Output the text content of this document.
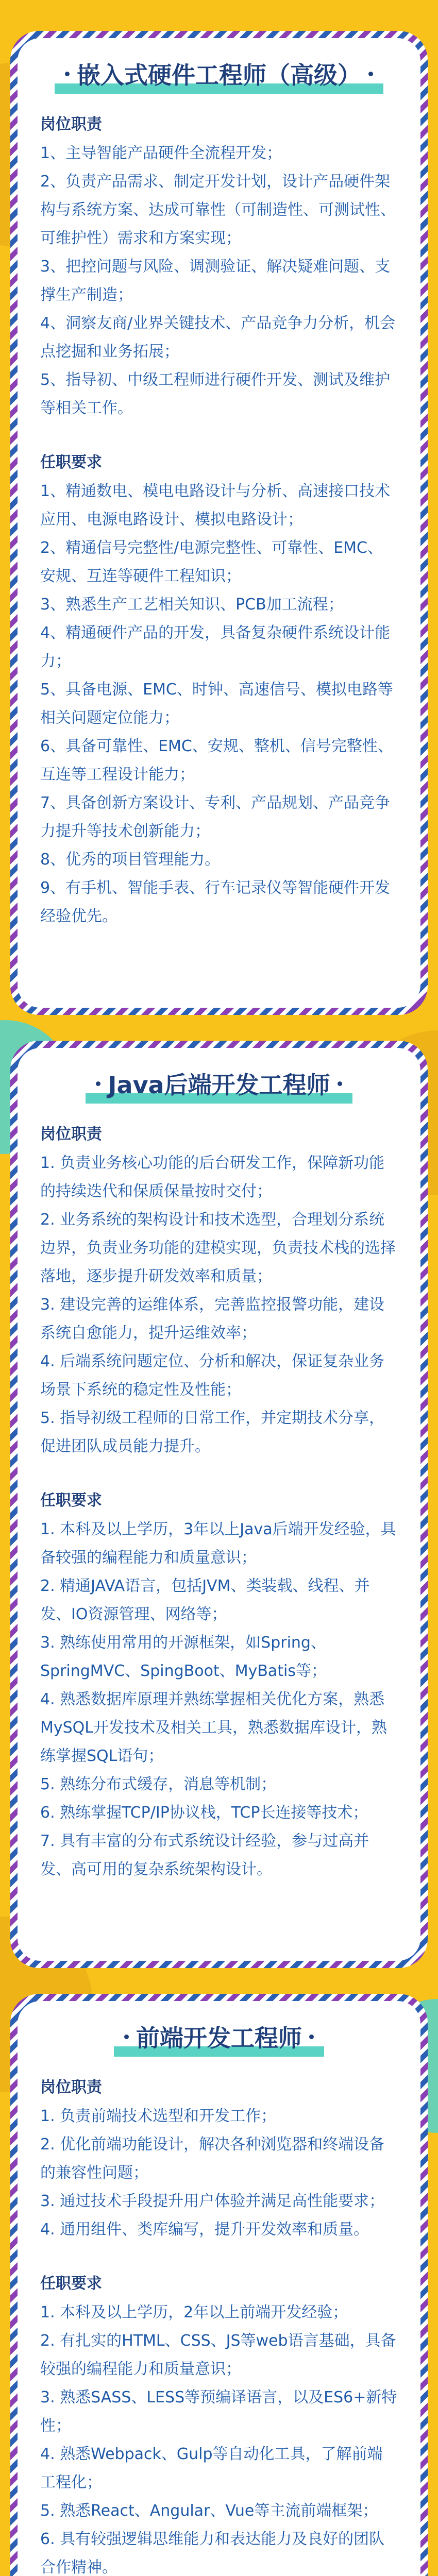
嵌入式硬件工程师（高级）
岗位职责

1、主导智能产品硬件全流程开发；

2、负责产品需求、制定开发计划，设计产品硬件架构与系统方案、达成可靠性（可制造性、可测试性、可维护性）需求和方案实现；

3、把控问题与风险、调测验证、解决疑难问题、支撑生产制造；

4、洞察友商/业界关键技术、产品竞争力分析，机会点挖掘和业务拓展；

5、指导初、中级工程师进行硬件开发、测试及维护等相关工作。

任职要求

1、精通数电、模电电路设计与分析、高速接口技术应用、电源电路设计、模拟电路设计；

2、精通信号完整性/电源完整性、可靠性、EMC、安规、互连等硬件工程知识；

3、熟悉生产工艺相关知识、PCB加工流程；

4、精通硬件产品的开发，具备复杂硬件系统设计能力；

5、具备电源、EMC、时钟、高速信号、模拟电路等相关问题定位能力；

6、具备可靠性、EMC、安规、整机、信号完整性、互连等工程设计能力；

7、具备创新方案设计、专利、产品规划、产品竞争力提升等技术创新能力；

8、优秀的项目管理能力。

9、有手机、智能手表、行车记录仪等智能硬件开发经验优先。

Java后端开发工程师
岗位职责

1. 负责业务核心功能的后台研发工作，保障新功能的持续迭代和保质保量按时交付；

2. 业务系统的架构设计和技术选型，合理划分系统边界，负责业务功能的建模实现，负责技术栈的选择落地，逐步提升研发效率和质量；

3. 建设完善的运维体系，完善监控报警功能，建设系统自愈能力，提升运维效率；

4. 后端系统问题定位、分析和解决，保证复杂业务场景下系统的稳定性及性能；

5. 指导初级工程师的日常工作，并定期技术分享，促进团队成员能力提升。

任职要求

1. 本科及以上学历，3年以上Java后端开发经验，具备较强的编程能力和质量意识；

2. 精通JAVA语言，包括JVM、类装载、线程、并发、IO资源管理、网络等；

3. 熟练使用常用的开源框架，如Spring、SpringMVC、SpingBoot、MyBatis等；

4. 熟悉数据库原理并熟练掌握相关优化方案，熟悉MySQL开发技术及相关工具，熟悉数据库设计，熟练掌握SQL语句；

5. 熟练分布式缓存，消息等机制；

6. 熟练掌握TCP/IP协议栈，TCP长连接等技术；

7. 具有丰富的分布式系统设计经验，参与过高并发、高可用的复杂系统架构设计。

前端开发工程师
岗位职责

1. 负责前端技术选型和开发工作；

2. 优化前端功能设计，解决各种浏览器和终端设备的兼容性问题；

3. 通过技术手段提升用户体验并满足高性能要求；

4. 通用组件、类库编写，提升开发效率和质量。

任职要求

1. 本科及以上学历，2年以上前端开发经验；

2. 有扎实的HTML、CSS、JS等web语言基础，具备较强的编程能力和质量意识；

3. 熟悉SASS、LESS等预编译语言，以及ES6+新特性；

4. 熟悉Webpack、Gulp等自动化工具，了解前端工程化；

5. 熟悉React、Angular、Vue等主流前端框架；

6. 具有较强逻辑思维能力和表达能力及良好的团队合作精神。
